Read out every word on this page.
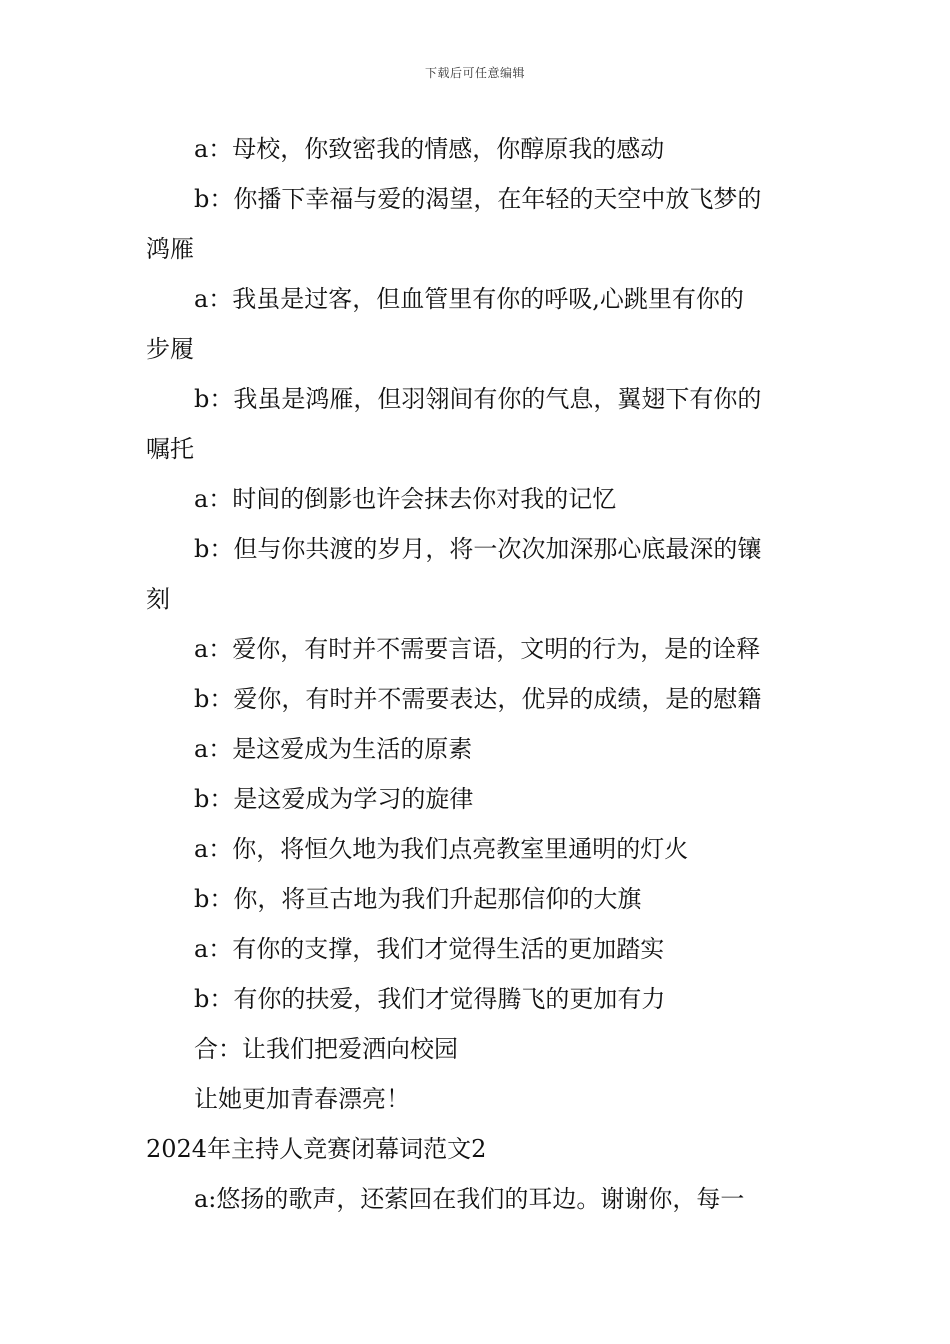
下载后可任意编辑
a：母校，你致密我的情感，你醇原我的感动
b：你播下幸福与爱的渴望，在年轻的天空中放飞梦的
鸿雁
a：我虽是过客，但血管里有你的呼吸,心跳里有你的
步履
b：我虽是鸿雁，但羽翎间有你的气息，翼翅下有你的
嘱托
a：时间的倒影也许会抹去你对我的记忆
b：但与你共渡的岁月，将一次次加深那心底最深的镶
刻
a：爱你，有时并不需要言语，文明的行为，是的诠释
b：爱你，有时并不需要表达，优异的成绩，是的慰籍
a：是这爱成为生活的原素
b：是这爱成为学习的旋律
a：你，将恒久地为我们点亮教室里通明的灯火
b：你，将亘古地为我们升起那信仰的大旗
a：有你的支撑，我们才觉得生活的更加踏实
b：有你的扶爱，我们才觉得腾飞的更加有力
合：让我们把爱洒向校园
让她更加青春漂亮！
2024年主持人竞赛闭幕词范文2
a:悠扬的歌声，还萦回在我们的耳边。谢谢你，每一
